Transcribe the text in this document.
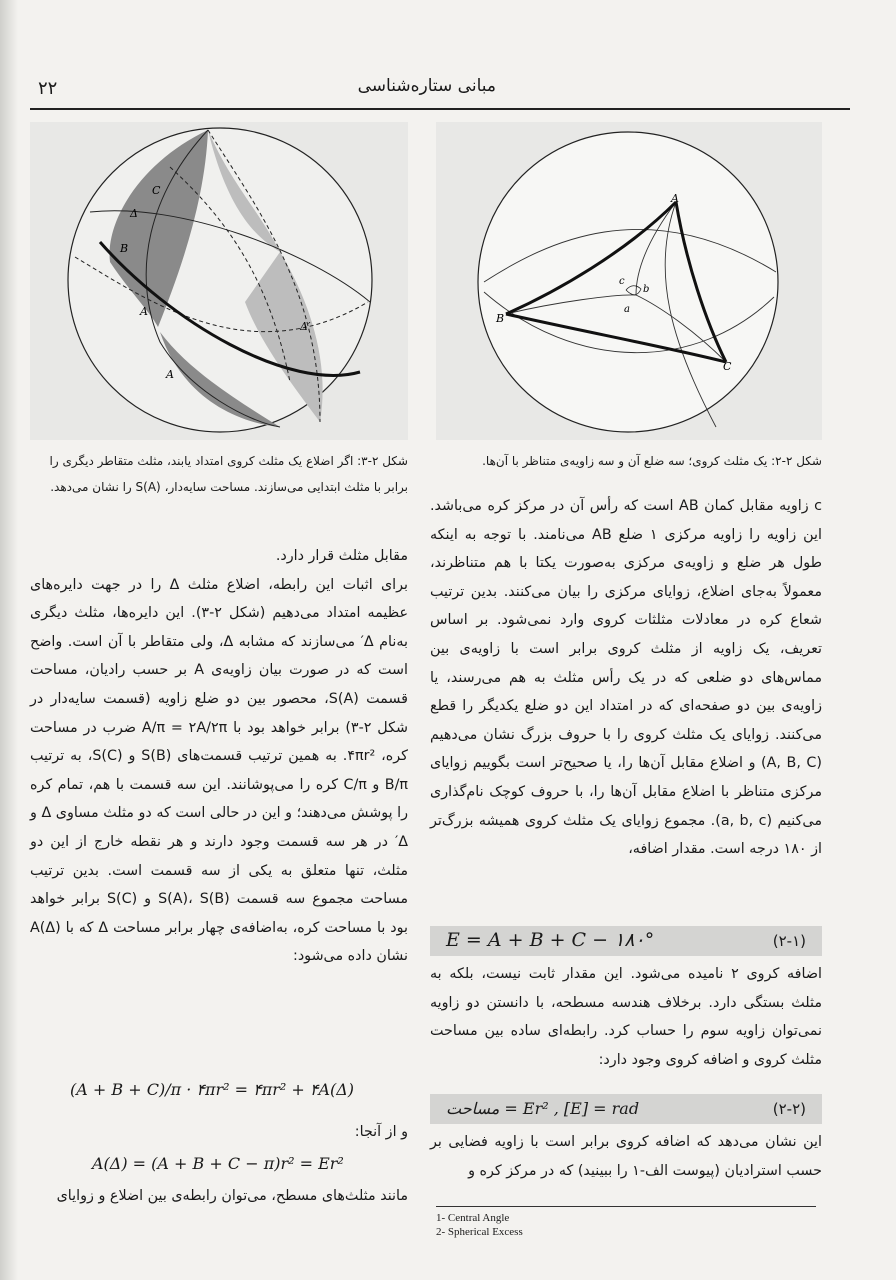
۲۲	مبانی ستاره‌شناسی
A
B
C
c
b
a
C
B
A
A
Δ
Δ′
شکل ۲-۲: یک مثلث کروی؛ سه ضلع آن و سه زاویه‌ی متناظر با آن‌ها.
شکل ۲-۳: اگر اضلاع یک مثلث کروی امتداد یابند، مثلث متقاطر دیگری را برابر با مثلث ابتدایی می‌سازند. مساحت سایه‌دار، S(A) را نشان می‌دهد.

c زاویه مقابل کمان AB است که رأس آن در مرکز کره می‌باشد. این زاویه را زاویه مرکزی ۱ ضلع AB می‌نامند. با توجه به اینکه طول هر ضلع و زاویه‌ی مرکزی به‌صورت یکتا با هم متناظرند، معمولاً به‌جای اضلاع، زوایای مرکزی را بیان می‌کنند. بدین ترتیب شعاع کره در معادلات مثلثات کروی وارد نمی‌شود. بر اساس تعریف، یک زاویه از مثلث کروی برابر است با زاویه‌ی بین مماس‌های دو ضلعی که در یک رأس مثلث به هم می‌رسند، یا زاویه‌ی بین دو صفحه‌ای که در امتداد این دو ضلع یکدیگر را قطع می‌کنند. زوایای یک مثلث کروی را با حروف بزرگ نشان می‌دهیم (A, B, C) و اضلاع مقابل آن‌ها را، یا صحیح‌تر است بگوییم زوایای مرکزی متناظر با اضلاع مقابل آن‌ها را، با حروف کوچک نام‌گذاری می‌کنیم (a, b, c). مجموع زوایای یک مثلث کروی همیشه بزرگ‌تر از ۱۸۰ درجه است. مقدار اضافه،

E = A + B + C − ۱۸۰°	(۲-۱)

اضافه کروی ۲ نامیده می‌شود. این مقدار ثابت نیست، بلکه به مثلث بستگی دارد. برخلاف هندسه مسطحه، با دانستن دو زاویه نمی‌توان زاویه سوم را حساب کرد. رابطه‌ای ساده بین مساحت مثلث کروی و اضافه کروی وجود دارد:

مساحت = Er² , [E] = rad	(۲-۲)

این نشان می‌دهد که اضافه کروی برابر است با زاویه فضایی بر حسب استرادیان (پیوست الف-۱ را ببینید) که در مرکز کره و

مقابل مثلث قرار دارد.

برای اثبات این رابطه، اضلاع مثلث Δ را در جهت دایره‌های عظیمه امتداد می‌دهیم (شکل ۲-۳). این دایره‌ها، مثلث دیگری به‌نام Δ′ می‌سازند که مشابه Δ، ولی متقاطر با آن است. واضح است که در صورت بیان زاویه‌ی A بر حسب رادیان، مساحت قسمت S(A)، محصور بین دو ضلع زاویه (قسمت سایه‌دار در شکل ۲-۳) برابر خواهد بود با A/π = ۲A/۲π ضرب در مساحت کره، ۴πr². به همین ترتیب قسمت‌های S(B) و S(C)، به ترتیب B/π و C/π کره را می‌پوشانند. این سه قسمت با هم، تمام کره را پوشش می‌دهند؛ و این در حالی است که دو مثلث مساوی Δ و Δ′ در هر سه قسمت وجود دارند و هر نقطه خارج از این دو مثلث، تنها متعلق به یکی از سه قسمت است. بدین ترتیب مساحت مجموع سه قسمت S(A)، S(B) و S(C) برابر خواهد بود با مساحت کره، به‌اضافه‌ی چهار برابر مساحت Δ که با A(Δ) نشان داده می‌شود:

(A + B + C)/π · ۴πr² = ۴πr² + ۴A(Δ)

و از آنجا:

A(Δ) = (A + B + C − π)r² = Er²

مانند مثلث‌های مسطح، می‌توان رابطه‌ی بین اضلاع و زوایای

1- Central Angle
2- Spherical Excess
